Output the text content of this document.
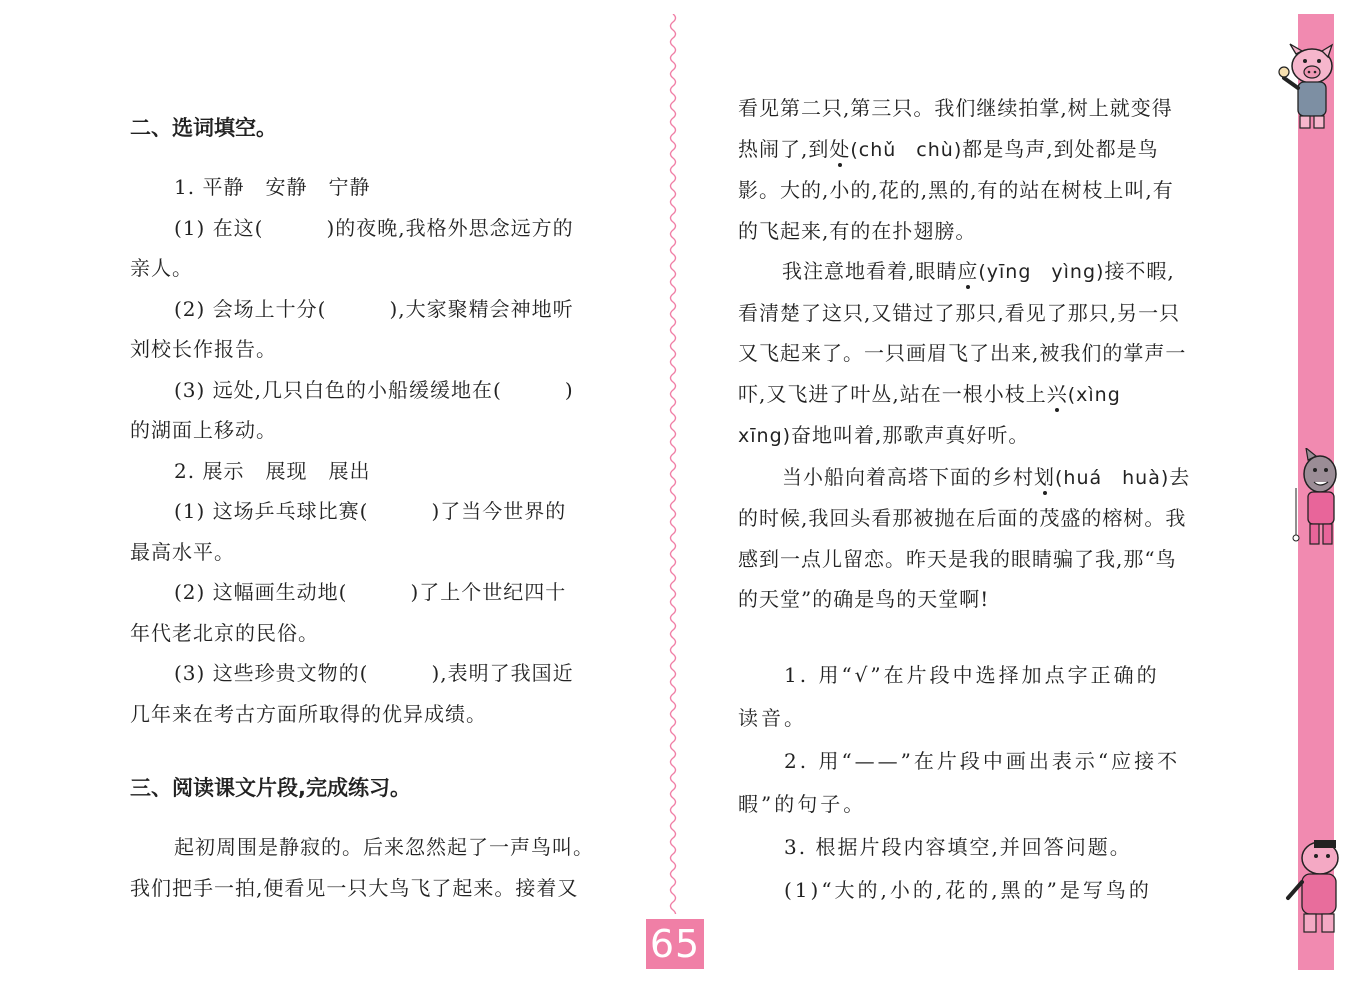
二、选词填空。
1. 平静　安静　宁静
(1) 在这(　　　)的夜晚,我格外思念远方的
亲人。
(2) 会场上十分(　　　),大家聚精会神地听
刘校长作报告。
(3) 远处,几只白色的小船缓缓地在(　　　)
的湖面上移动。
2. 展示　展现　展出
(1) 这场乒乓球比赛(　　　)了当今世界的
最高水平。
(2) 这幅画生动地(　　　)了上个世纪四十
年代老北京的民俗。
(3) 这些珍贵文物的(　　　),表明了我国近
几年来在考古方面所取得的优异成绩。
三、阅读课文片段,完成练习。
起初周围是静寂的。后来忽然起了一声鸟叫。
我们把手一拍,便看见一只大鸟飞了起来。接着又
65
看见第二只,第三只。我们继续拍掌,树上就变得
热闹了,到处(chǔ　chù)都是鸟声,到处都是鸟
影。大的,小的,花的,黑的,有的站在树枝上叫,有
的飞起来,有的在扑翅膀。
我注意地看着,眼睛应(yīng　yìng)接不暇,
看清楚了这只,又错过了那只,看见了那只,另一只
又飞起来了。一只画眉飞了出来,被我们的掌声一
吓,又飞进了叶丛,站在一根小枝上兴(xìng
xīng)奋地叫着,那歌声真好听。
当小船向着高塔下面的乡村划(huá　huà)去
的时候,我回头看那被抛在后面的茂盛的榕树。我
感到一点儿留恋。昨天是我的眼睛骗了我,那“鸟
的天堂”的确是鸟的天堂啊!
1. 用“√”在片段中选择加点字正确的
读音。
2. 用“——”在片段中画出表示“应接不
暇”的句子。
3. 根据片段内容填空,并回答问题。
(1)“大的,小的,花的,黑的”是写鸟的
